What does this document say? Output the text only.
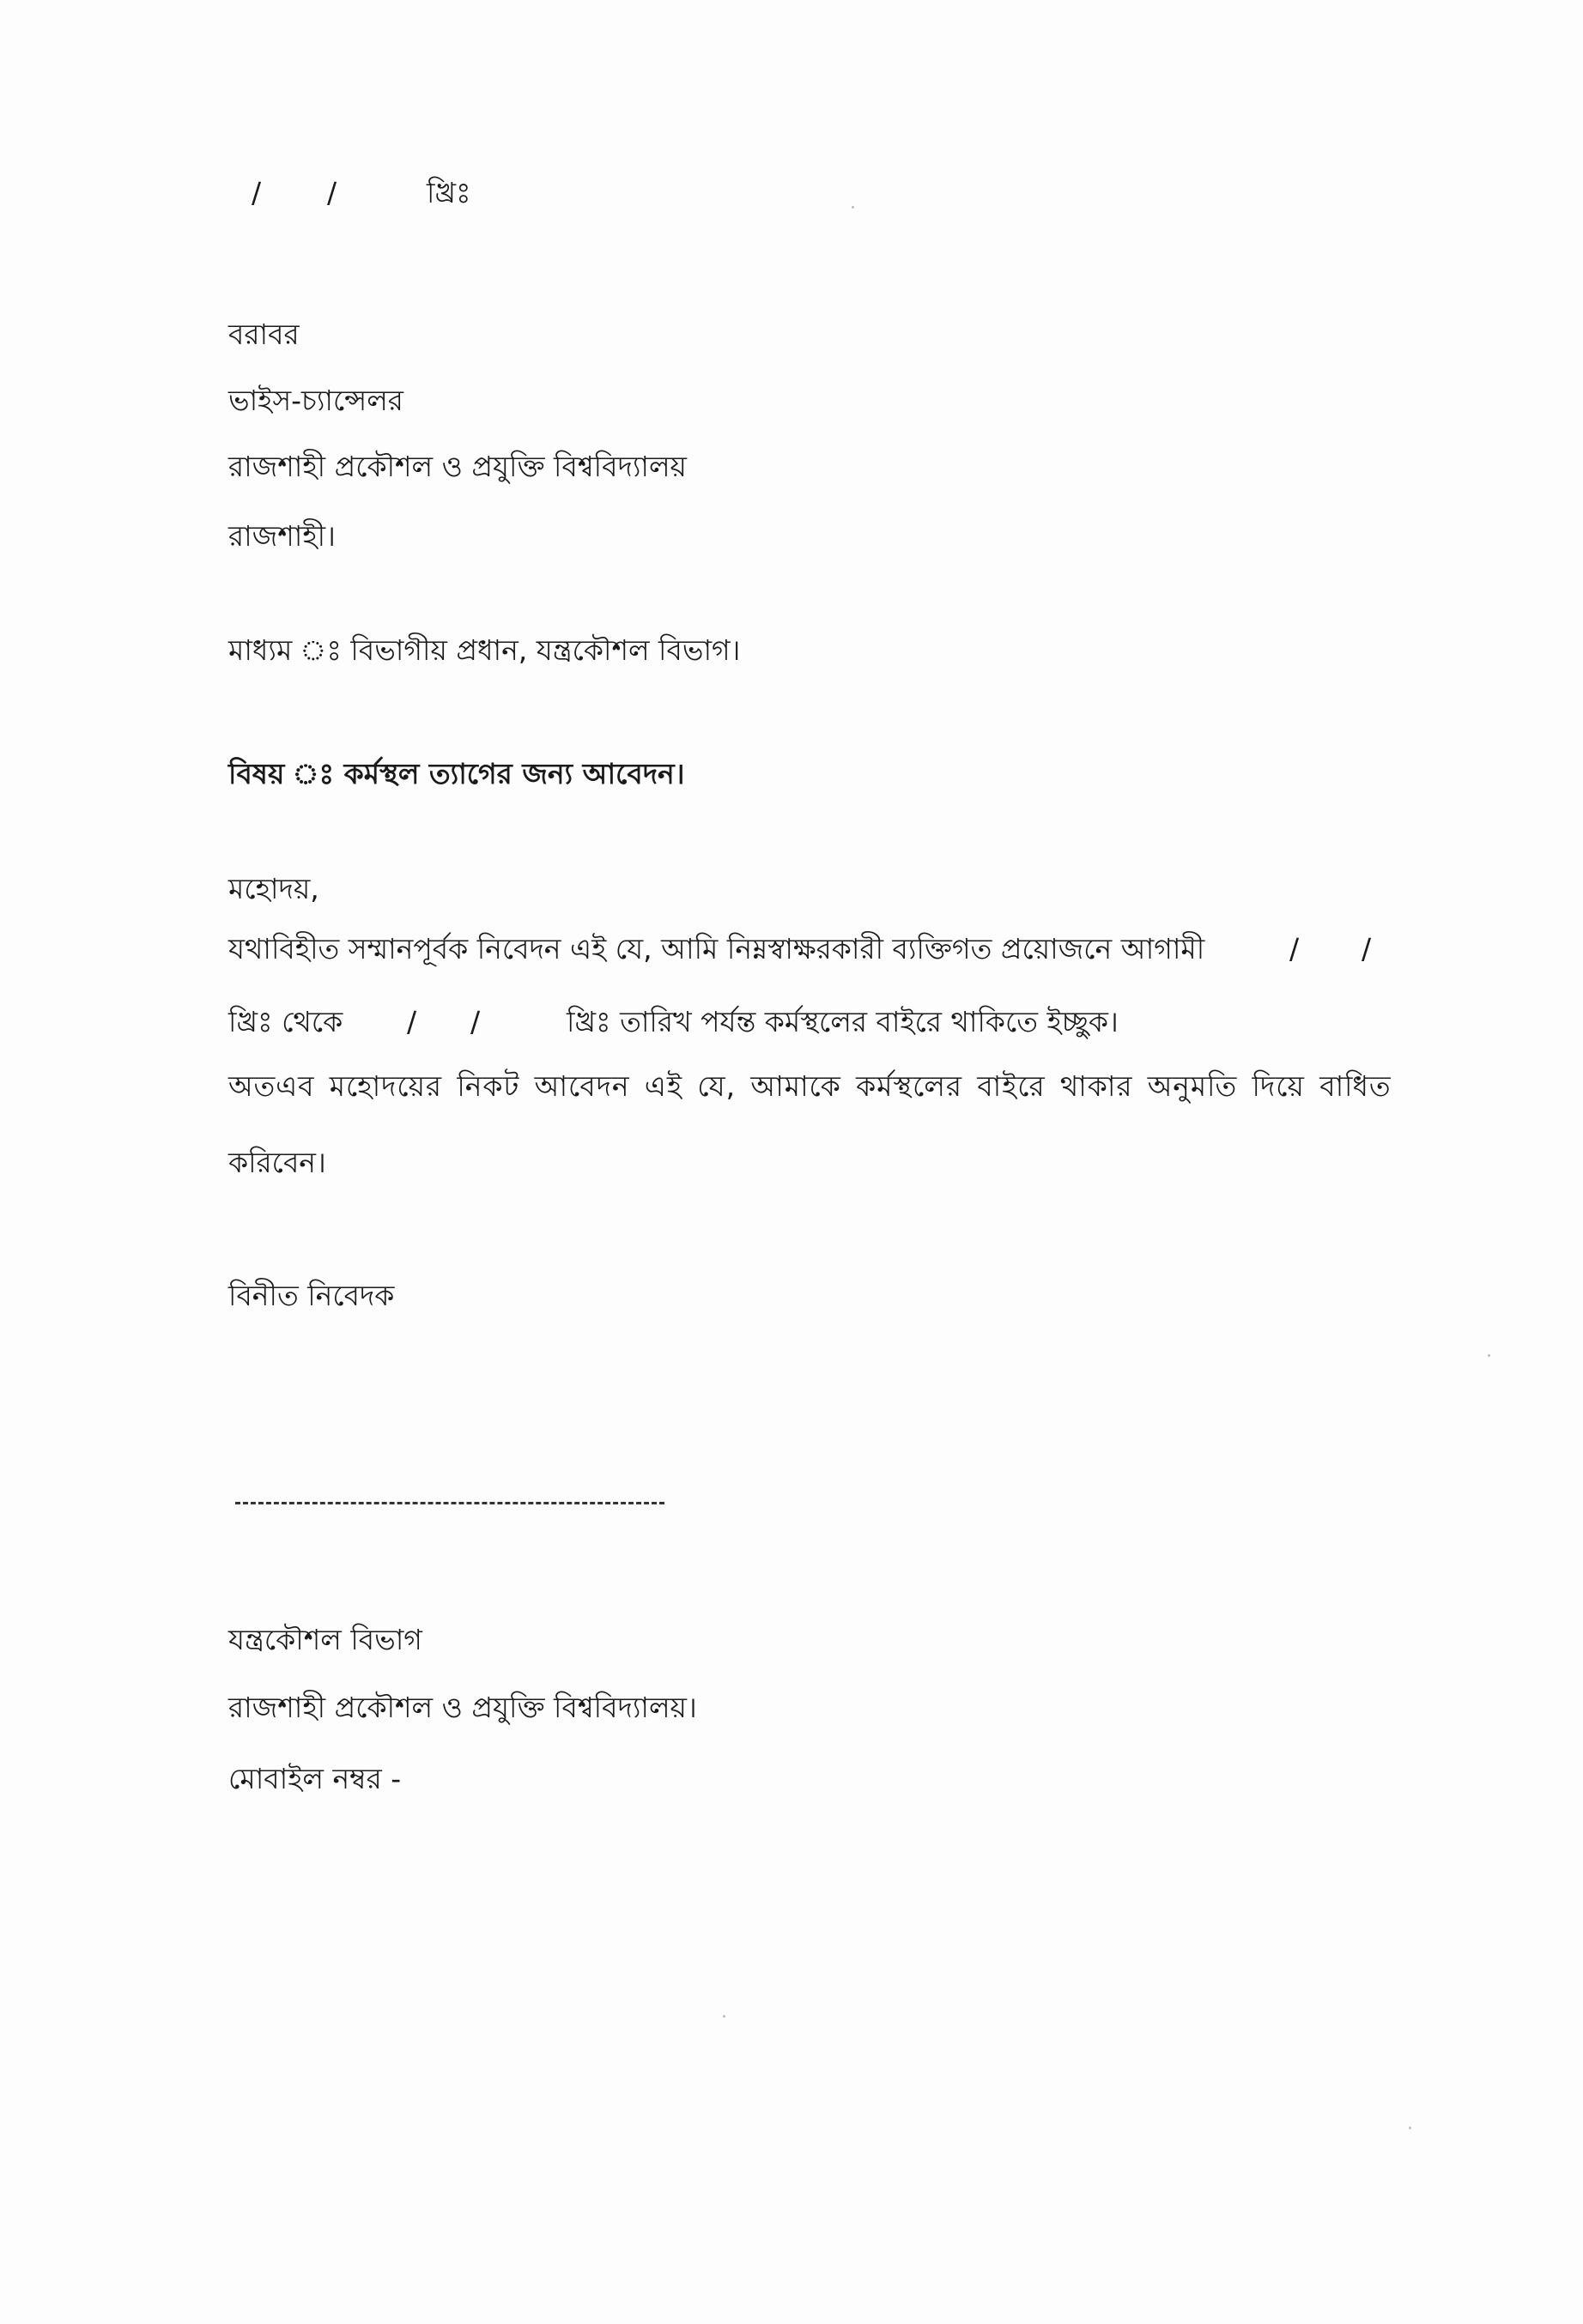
/ /	খ্রিঃ
বরাবর
ভাইস-চ্যান্সেলর
রাজশাহী প্রকৌশল ও প্রযুক্তি বিশ্ববিদ্যালয়
রাজশাহী।
মাধ্যম ঃ বিভাগীয় প্রধান, যন্ত্রকৌশল বিভাগ।
বিষয় ঃ কর্মস্থল ত্যাগের জন্য আবেদন।
মহোদয়,
যথাবিহীত সম্মানপূর্বক নিবেদন এই যে, আমি নিম্নস্বাক্ষরকারী ব্যক্তিগত প্রয়োজনে আগামী	/ /
খ্রিঃ থেকে / /	খ্রিঃ তারিখ পর্যন্ত কর্মস্থলের বাইরে থাকিতে ইচ্ছুক।
অতএব মহোদয়ের নিকট আবেদন এই যে, আমাকে কর্মস্থলের বাইরে থাকার অনুমতি দিয়ে বাধিত
করিবেন।
বিনীত নিবেদক
যন্ত্রকৌশল বিভাগ
রাজশাহী প্রকৌশল ও প্রযুক্তি বিশ্ববিদ্যালয়।
মোবাইল নম্বর -
